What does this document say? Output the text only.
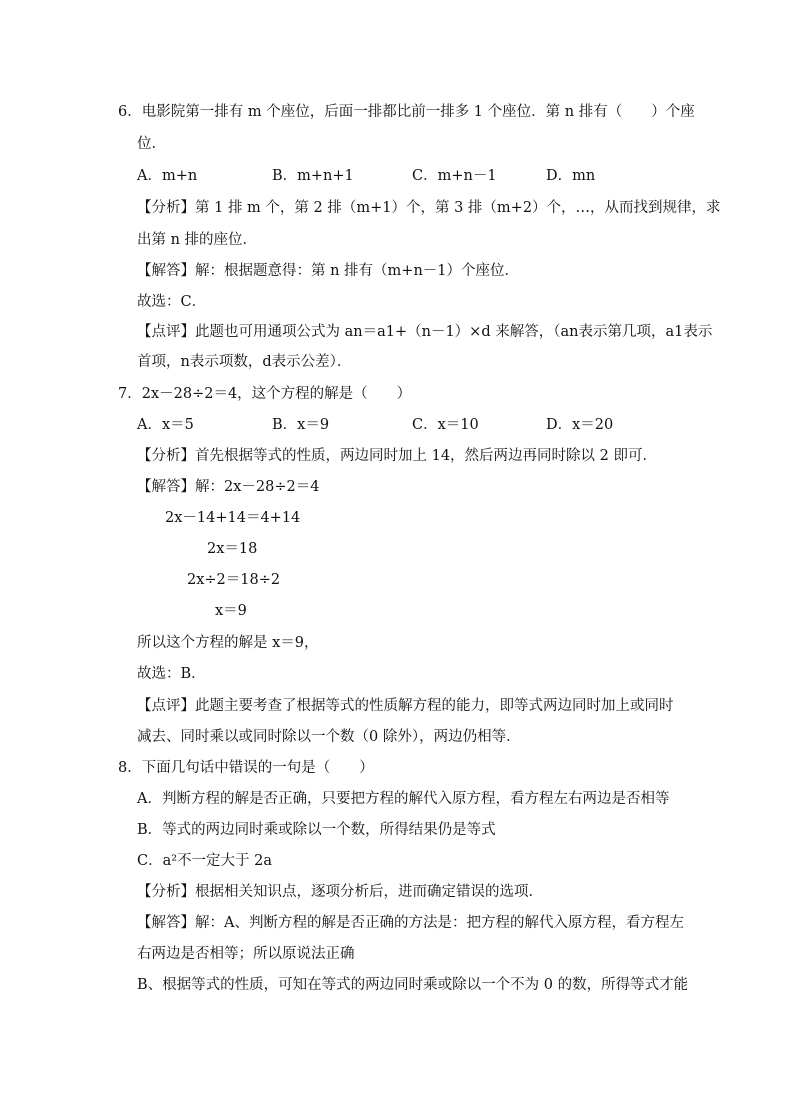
6．电影院第一排有 m 个座位，后面一排都比前一排多 1 个座位．第 n 排有（　　）个座
位．
A．m+n	B．m+n+1	C．m+n－1	D．mn
【分析】第 1 排 m 个，第 2 排（m+1）个，第 3 排（m+2）个，…，从而找到规律，求
出第 n 排的座位．
【解答】解：根据题意得：第 n 排有（m+n－1）个座位．
故选：C．
【点评】此题也可用通项公式为 an＝a1+（n－1）×d 来解答，（an表示第几项，a1表示
首项，n表示项数，d表示公差）．
7．2x－28÷2＝4，这个方程的解是（　　）
A．x＝5	B．x＝9	C．x＝10	D．x＝20
【分析】首先根据等式的性质，两边同时加上 14，然后两边再同时除以 2 即可．
【解答】解：2x－28÷2＝4
2x－14+14＝4+14
2x＝18
2x÷2＝18÷2
x＝9
所以这个方程的解是 x＝9，
故选：B．
【点评】此题主要考查了根据等式的性质解方程的能力，即等式两边同时加上或同时
减去、同时乘以或同时除以一个数（0 除外），两边仍相等．
8．下面几句话中错误的一句是（　　）
A．判断方程的解是否正确，只要把方程的解代入原方程，看方程左右两边是否相等
B．等式的两边同时乘或除以一个数，所得结果仍是等式
C．a²不一定大于 2a
【分析】根据相关知识点，逐项分析后，进而确定错误的选项．
【解答】解：A、判断方程的解是否正确的方法是：把方程的解代入原方程，看方程左
右两边是否相等；所以原说法正确
B、根据等式的性质，可知在等式的两边同时乘或除以一个不为 0 的数，所得等式才能
